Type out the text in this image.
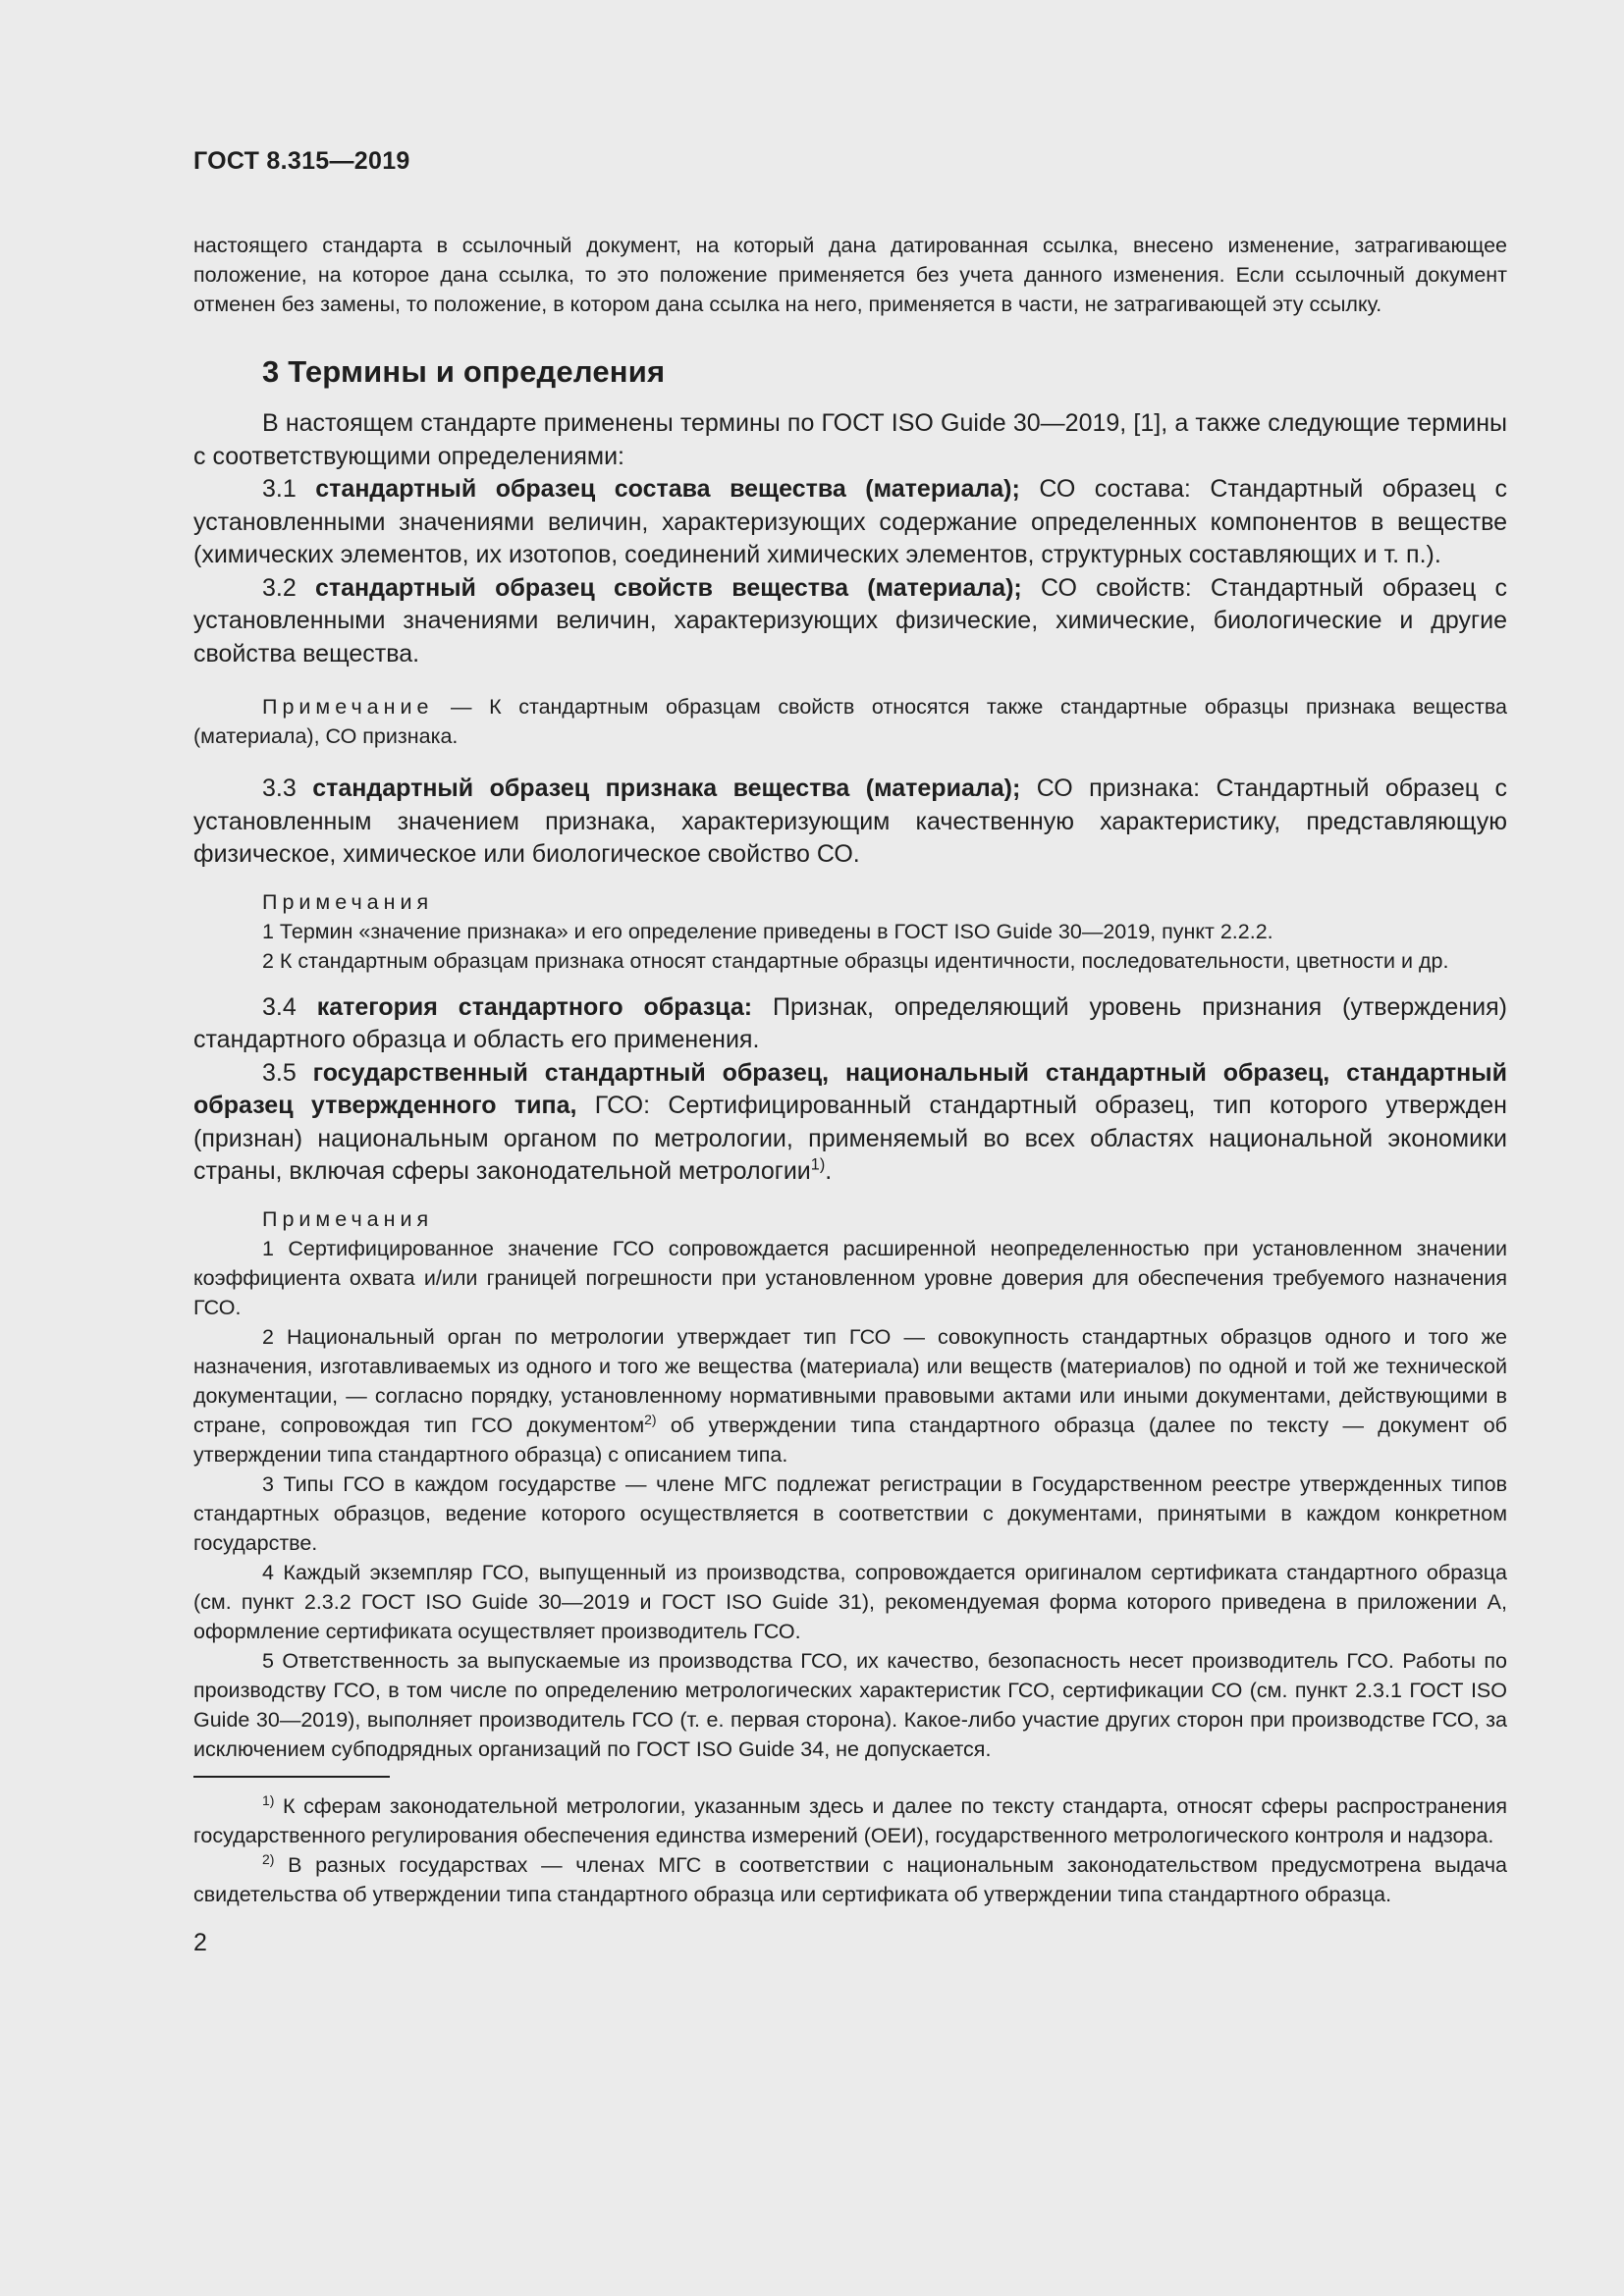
ГОСТ 8.315—2019

настоящего стандарта в ссылочный документ, на который дана датированная ссылка, внесено изменение, затрагивающее положение, на которое дана ссылка, то это положение применяется без учета данного изменения. Если ссылочный документ отменен без замены, то положение, в котором дана ссылка на него, применяется в части, не затрагивающей эту ссылку.

3 Термины и определения

В настоящем стандарте применены термины по ГОСТ ISO Guide 30—2019, [1], а также следующие термины с соответствующими определениями:

3.1 стандартный образец состава вещества (материала); СО состава: Стандартный образец с установленными значениями величин, характеризующих содержание определенных компонентов в веществе (химических элементов, их изотопов, соединений химических элементов, структурных составляющих и т. п.).

3.2 стандартный образец свойств вещества (материала); СО свойств: Стандартный образец с установленными значениями величин, характеризующих физические, химические, биологические и другие свойства вещества.

Примечание — К стандартным образцам свойств относятся также стандартные образцы признака вещества (материала), СО признака.

3.3 стандартный образец признака вещества (материала); СО признака: Стандартный образец с установленным значением признака, характеризующим качественную характеристику, представляющую физическое, химическое или биологическое свойство СО.

Примечания

1 Термин «значение признака» и его определение приведены в ГОСТ ISO Guide 30—2019, пункт 2.2.2.

2 К стандартным образцам признака относят стандартные образцы идентичности, последовательности, цветности и др.

3.4 категория стандартного образца: Признак, определяющий уровень признания (утверждения) стандартного образца и область его применения.

3.5 государственный стандартный образец, национальный стандартный образец, стандартный образец утвержденного типа, ГСО: Сертифицированный стандартный образец, тип которого утвержден (признан) национальным органом по метрологии, применяемый во всех областях национальной экономики страны, включая сферы законодательной метрологии$^{1)}$.

Примечания

1 Сертифицированное значение ГСО сопровождается расширенной неопределенностью при установленном значении коэффициента охвата и/или границей погрешности при установленном уровне доверия для обеспечения требуемого назначения ГСО.

2 Национальный орган по метрологии утверждает тип ГСО — совокупность стандартных образцов одного и того же назначения, изготавливаемых из одного и того же вещества (материала) или веществ (материалов) по одной и той же технической документации, — согласно порядку, установленному нормативными правовыми актами или иными документами, действующими в стране, сопровождая тип ГСО документом$^{2)}$ об утверждении типа стандартного образца (далее по тексту — документ об утверждении типа стандартного образца) с описанием типа.

3 Типы ГСО в каждом государстве — члене МГС подлежат регистрации в Государственном реестре утвержденных типов стандартных образцов, ведение которого осуществляется в соответствии с документами, принятыми в каждом конкретном государстве.

4 Каждый экземпляр ГСО, выпущенный из производства, сопровождается оригиналом сертификата стандартного образца (см. пункт 2.3.2 ГОСТ ISO Guide 30—2019 и ГОСТ ISO Guide 31), рекомендуемая форма которого приведена в приложении А, оформление сертификата осуществляет производитель ГСО.

5 Ответственность за выпускаемые из производства ГСО, их качество, безопасность несет производитель ГСО. Работы по производству ГСО, в том числе по определению метрологических характеристик ГСО, сертификации СО (см. пункт 2.3.1 ГОСТ ISO Guide 30—2019), выполняет производитель ГСО (т. е. первая сторона). Какое-либо участие других сторон при производстве ГСО, за исключением субподрядных организаций по ГОСТ ISO Guide 34, не допускается.

$^{1)}$ К сферам законодательной метрологии, указанным здесь и далее по тексту стандарта, относят сферы распространения государственного регулирования обеспечения единства измерений (ОЕИ), государственного метрологического контроля и надзора.

$^{2)}$ В разных государствах — членах МГС в соответствии с национальным законодательством предусмотрена выдача свидетельства об утверждении типа стандартного образца или сертификата об утверждении типа стандартного образца.

2
